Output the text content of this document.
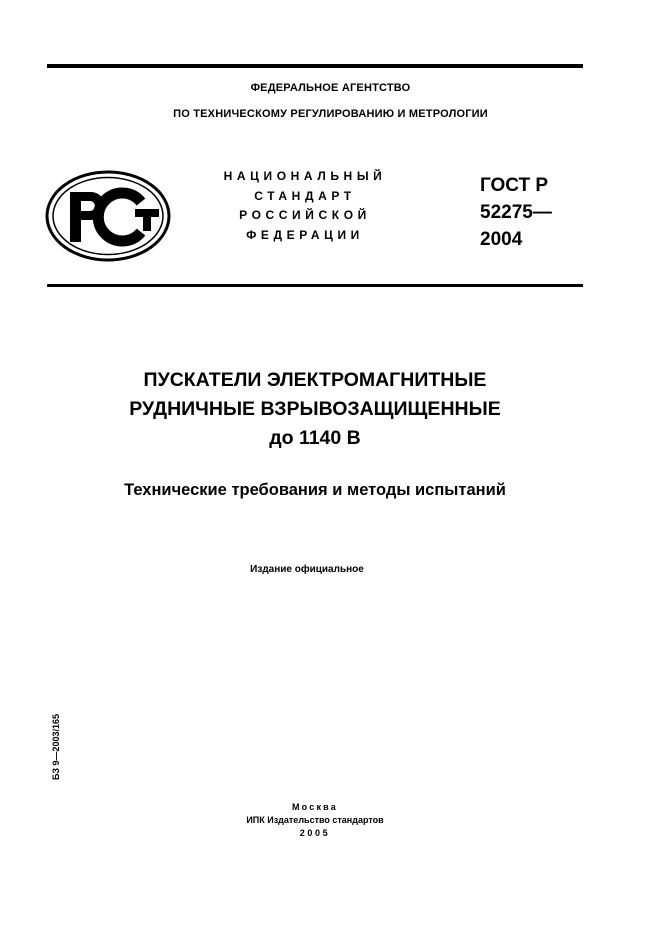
ФЕДЕРАЛЬНОЕ АГЕНТСТВО
ПО ТЕХНИЧЕСКОМУ РЕГУЛИРОВАНИЮ И МЕТРОЛОГИИ
НАЦИОНАЛЬНЫЙ
СТАНДАРТ
РОССИЙСКОЙ
ФЕДЕРАЦИИ
ГОСТ Р
52275—
2004
ПУСКАТЕЛИ ЭЛЕКТРОМАГНИТНЫЕ
РУДНИЧНЫЕ ВЗРЫВОЗАЩИЩЕННЫЕ
до 1140 В
Технические требования и методы испытаний
Издание официальное
БЗ 9—2003/165
Москва
ИПК Издательство стандартов
2005
